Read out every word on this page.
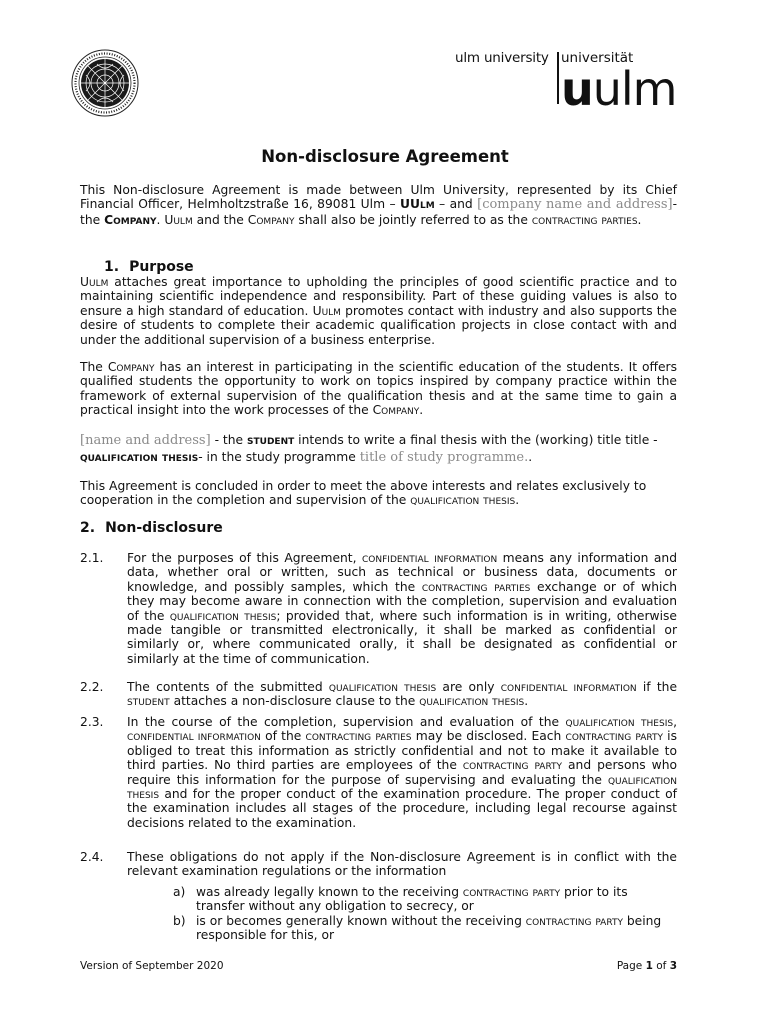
ulm university universität
uulm
Non-disclosure Agreement

This Non-disclosure Agreement is made between Ulm University, represented by its Chief Financial Officer, Helmholtzstraße 16, 89081 Ulm – UUlm – and [company name and address]- the Company. Uulm and the Company shall also be jointly referred to as the contracting parties.

1. Purpose

Uulm attaches great importance to upholding the principles of good scientific practice and to maintaining scientific independence and responsibility. Part of these guiding values is also to ensure a high standard of education. Uulm promotes contact with industry and also supports the desire of students to complete their academic qualification projects in close contact with and under the additional supervision of a business enterprise.

The Company has an interest in participating in the scientific education of the students. It offers qualified students the opportunity to work on topics inspired by company practice within the framework of external supervision of the qualification thesis and at the same time to gain a practical insight into the work processes of the Company.

[name and address] - the student intends to write a final thesis with the (working) title title - qualification thesis- in the study programme title of study programme..

This Agreement is concluded in order to meet the above interests and relates exclusively to cooperation in the completion and supervision of the qualification thesis.

2. Non-disclosure
2.1.	For the purposes of this Agreement, confidential information means any information and data, whether oral or written, such as technical or business data, documents or knowledge, and possibly samples, which the contracting parties exchange or of which they may become aware in connection with the completion, supervision and evaluation of the qualification thesis; provided that, where such information is in writing, otherwise made tangible or transmitted electronically, it shall be marked as confidential or similarly or, where communicated orally, it shall be designated as confidential or similarly at the time of communication.
2.2.	The contents of the submitted qualification thesis are only confidential information if the student attaches a non-disclosure clause to the qualification thesis.
2.3.	In the course of the completion, supervision and evaluation of the qualification thesis, confidential information of the contracting parties may be disclosed. Each contracting party is obliged to treat this information as strictly confidential and not to make it available to third parties. No third parties are employees of the contracting party and persons who require this information for the purpose of supervising and evaluating the qualification thesis and for the proper conduct of the examination procedure. The proper conduct of the examination includes all stages of the procedure, including legal recourse against decisions related to the examination.
2.4.	These obligations do not apply if the Non-disclosure Agreement is in conflict with the relevant examination regulations or the information
a) was already legally known to the receiving contracting party prior to its transfer without any obligation to secrecy, or
b) is or becomes generally known without the receiving contracting party being responsible for this, or
Version of September 2020	Page 1 of 3
